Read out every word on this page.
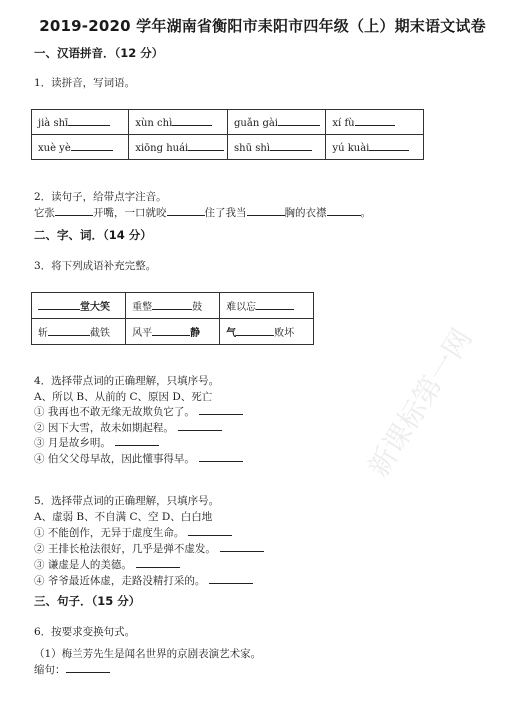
2019-2020 学年湖南省衡阳市耒阳市四年级（上）期末语文试卷
一、汉语拼音．（12 分）
1．读拼音，写词语。
jià shī	xùn chì	guǎn gài	xí fù
xuè yè	xiōng huái	shū shì	yú kuài
2．读句子，给带点字注音。
它张	开嘴，一口就咬	住了我当	胸的衣襟	。
二、字、词．（14 分）
3．将下列成语补充完整。
堂大笑	重整 鼓	难以忘
斩 截铁	风平 静	气 败坏
4．选择带点词的正确理解，只填序号。
A、所以 B、从前的 C、原因 D、死亡
① 我再也不敢无缘无故欺负它了。
② 因下大雪，故未如期起程。
③ 月是故乡明。
④ 伯父父母早故，因此懂事得早。
5．选择带点词的正确理解，只填序号。
A、虚弱 B、不自满 C、空 D、白白地
① 不能创作，无异于虚度生命。
② 王排长枪法很好，几乎是弹不虚发。
③ 谦虚是人的美德。
④ 爷爷最近体虚，走路没精打采的。
三、句子．（15 分）
6．按要求变换句式。
（1）梅兰芳先生是闻名世界的京剧表演艺术家。
缩句：
新课标第一网
